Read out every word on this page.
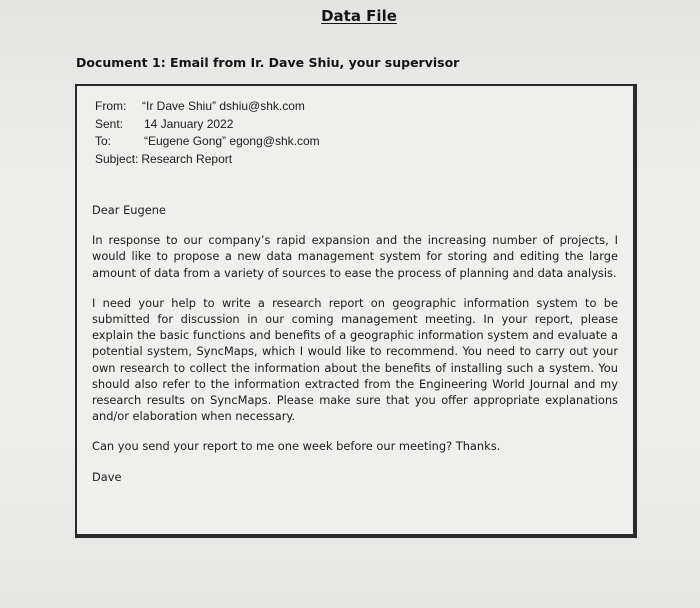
Data File
Document 1: Email from Ir. Dave Shiu, your supervisor
From:	“Ir Dave Shiu” dshiu@shk.com
Sent:	14 January 2022
To:	“Eugene Gong” egong@shk.com
Subject: Research Report

Dear Eugene

In response to our company’s rapid expansion and the increasing number of projects, I would like to propose a new data management system for storing and editing the large amount of data from a variety of sources to ease the process of planning and data analysis.

I need your help to write a research report on geographic information system to be submitted for discussion in our coming management meeting. In your report, please explain the basic functions and benefits of a geographic information system and evaluate a potential system, SyncMaps, which I would like to recommend. You need to carry out your own research to collect the information about the benefits of installing such a system. You should also refer to the information extracted from the Engineering World Journal and my research results on SyncMaps. Please make sure that you offer appropriate explanations and/or elaboration when necessary.

Can you send your report to me one week before our meeting? Thanks.

Dave
